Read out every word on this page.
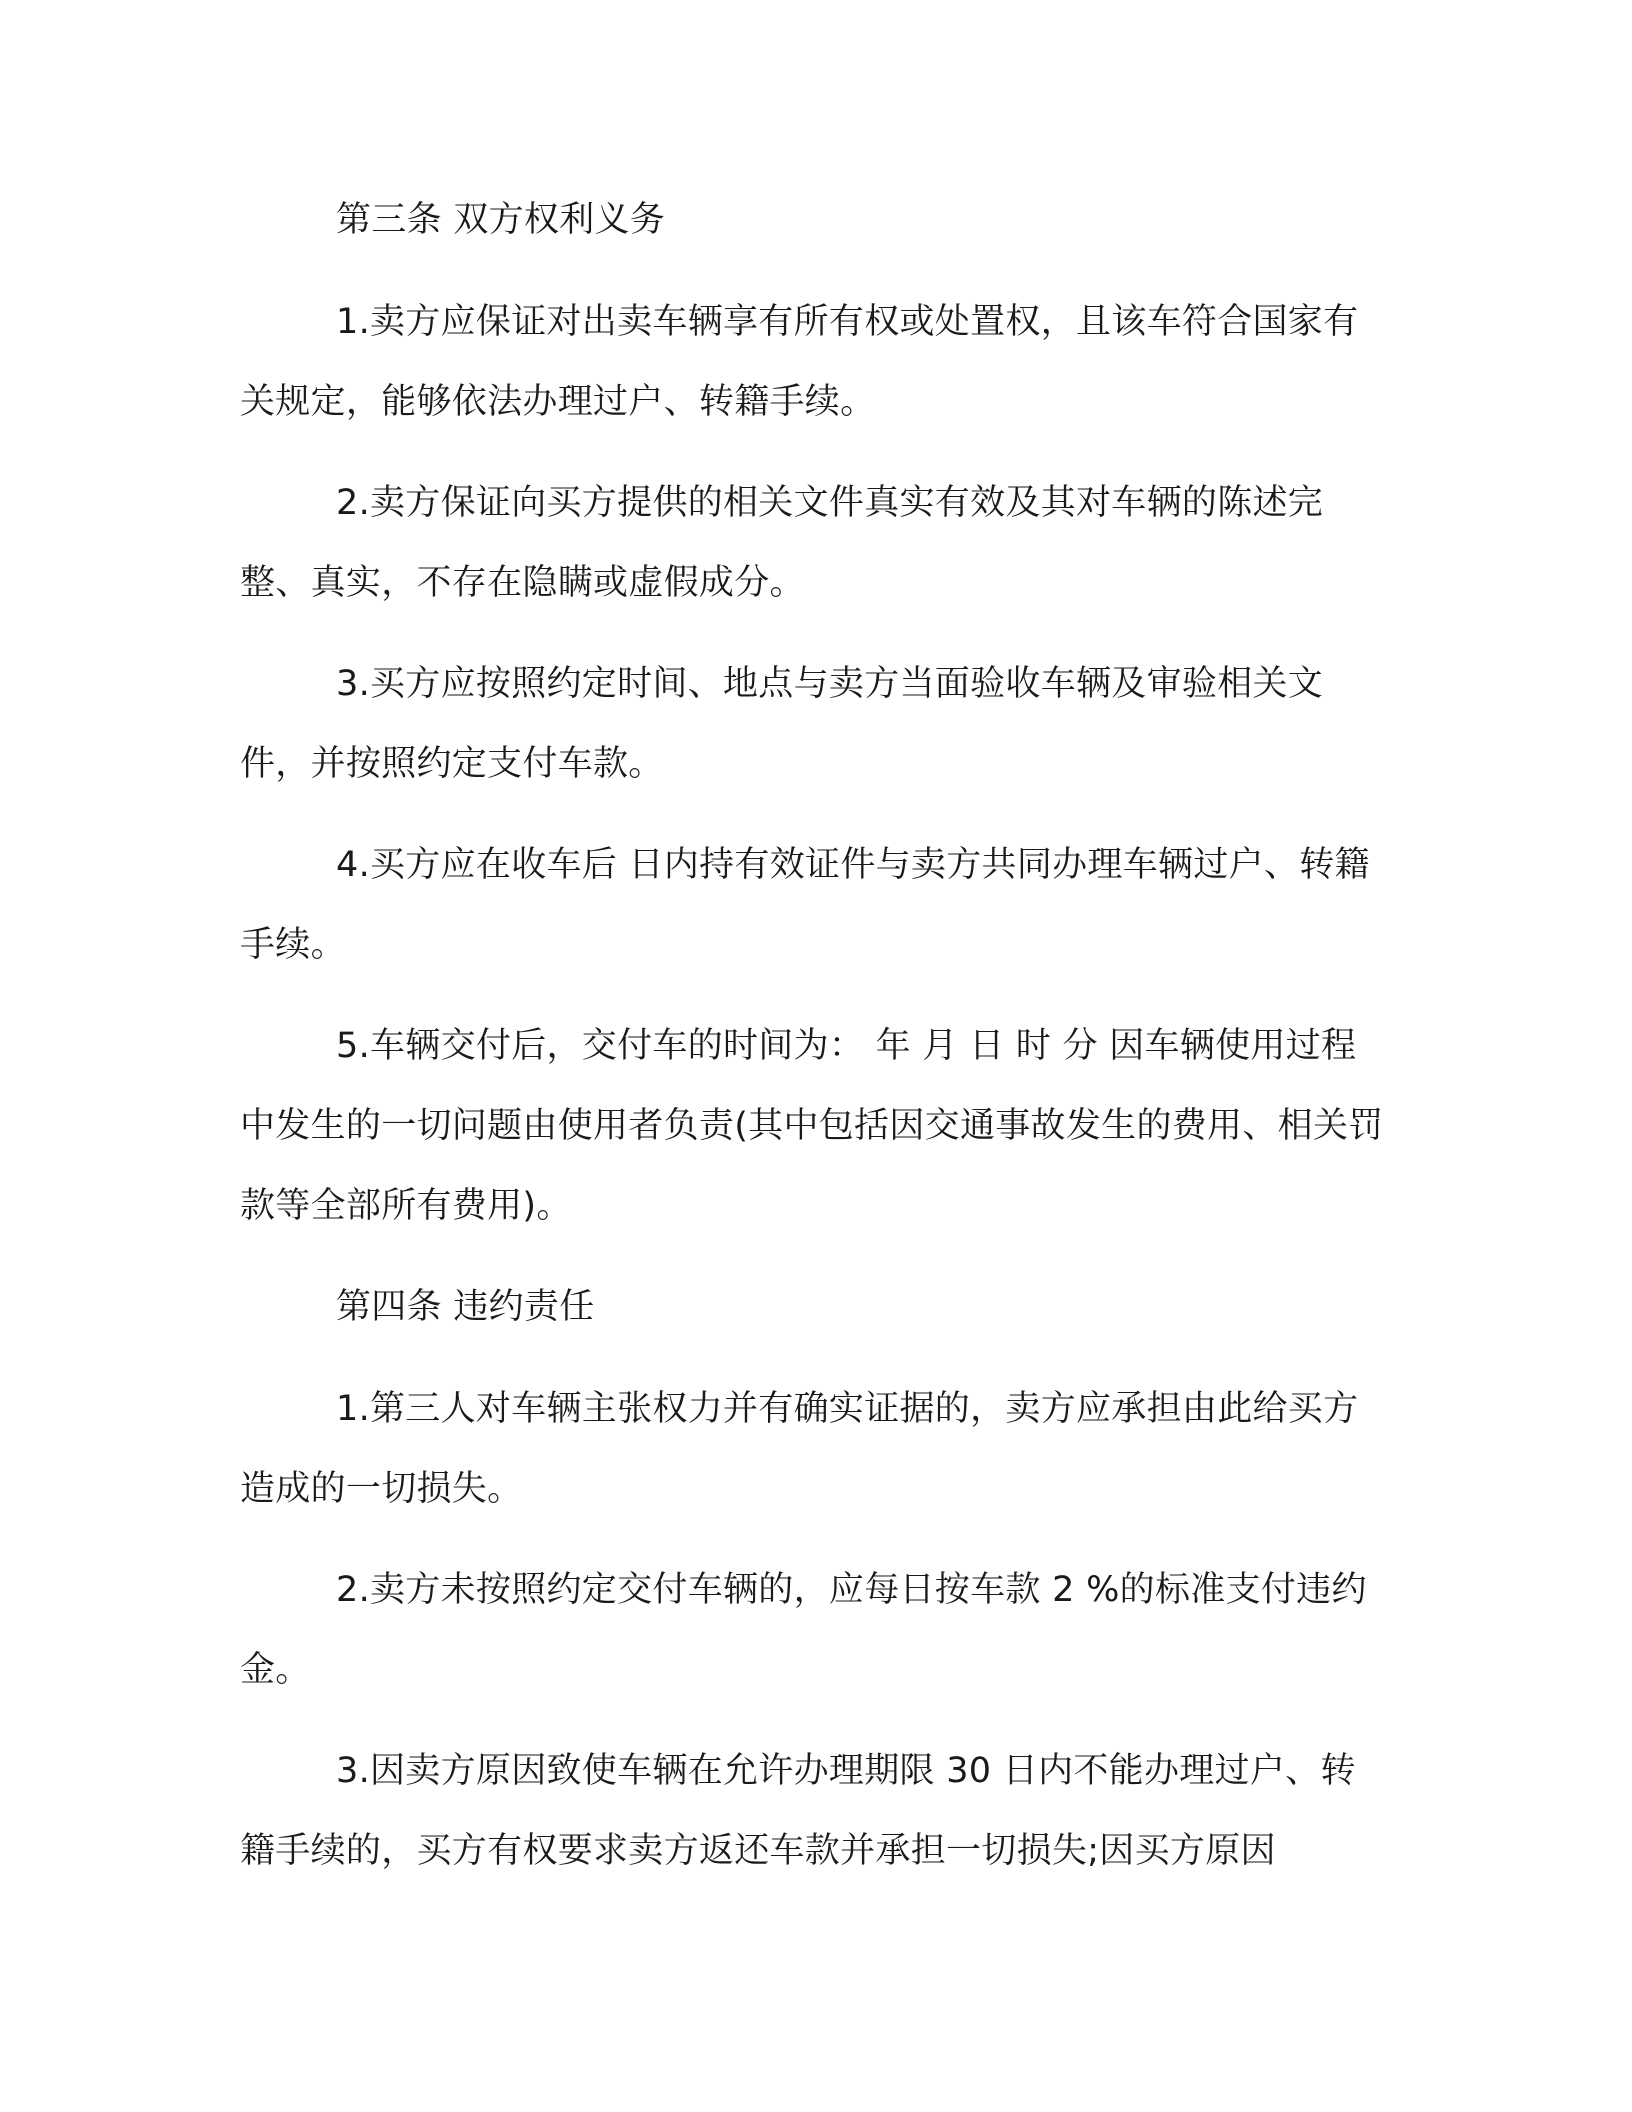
第三条 双方权利义务

1.卖方应保证对出卖车辆享有所有权或处置权，且该车符合国家有关规定，能够依法办理过户、转籍手续。

2.卖方保证向买方提供的相关文件真实有效及其对车辆的陈述完整、真实，不存在隐瞒或虚假成分。

3.买方应按照约定时间、地点与卖方当面验收车辆及审验相关文件，并按照约定支付车款。

4.买方应在收车后 日内持有效证件与卖方共同办理车辆过户、转籍手续。

5.车辆交付后，交付车的时间为： 年 月 日 时 分 因车辆使用过程中发生的一切问题由使用者负责(其中包括因交通事故发生的费用、相关罚款等全部所有费用)。

第四条 违约责任

1.第三人对车辆主张权力并有确实证据的，卖方应承担由此给买方造成的一切损失。

2.卖方未按照约定交付车辆的，应每日按车款 2 %的标准支付违约金。

3.因卖方原因致使车辆在允许办理期限 30 日内不能办理过户、转籍手续的，买方有权要求卖方返还车款并承担一切损失;因买方原因
